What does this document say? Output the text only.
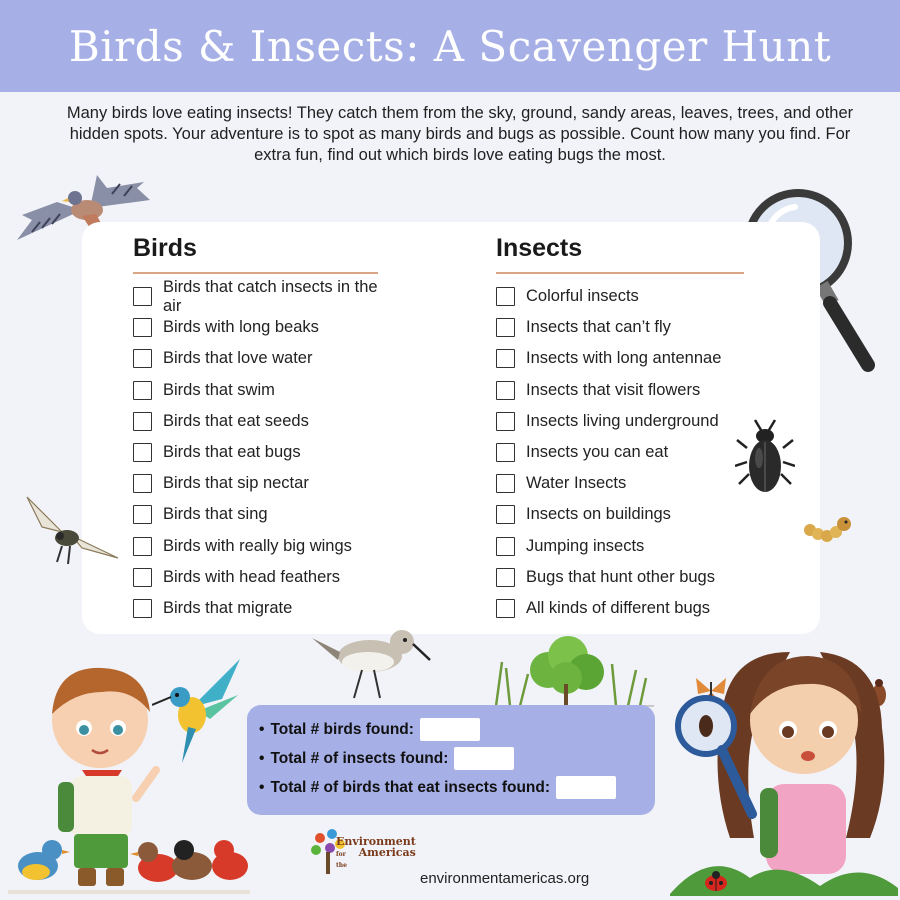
Birds & Insects: A Scavenger Hunt

Many birds love eating insects! They catch them from the sky, ground, sandy areas, leaves, trees, and other hidden spots. Your adventure is to spot as many birds and bugs as possible. Count how many you find. For extra fun, find out which birds love eating bugs the most.

Birds
Birds that catch insects in the air
Birds with long beaks
Birds that love water
Birds that swim
Birds that eat seeds
Birds that eat bugs
Birds that sip nectar
Birds that sing
Birds with really big wings
Birds with head feathers
Birds that migrate
Insects
Colorful insects
Insects that can’t fly
Insects with long antennae
Insects that visit flowers
Insects living underground
Insects you can eat
Water Insects
Insects on buildings
Jumping insects
Bugs that hunt other bugs
All kinds of different bugs
• Total # birds found:
• Total # of insects found:
• Total # of birds that eat insects found:
Environment
for the
Americas
environmentamericas.org
